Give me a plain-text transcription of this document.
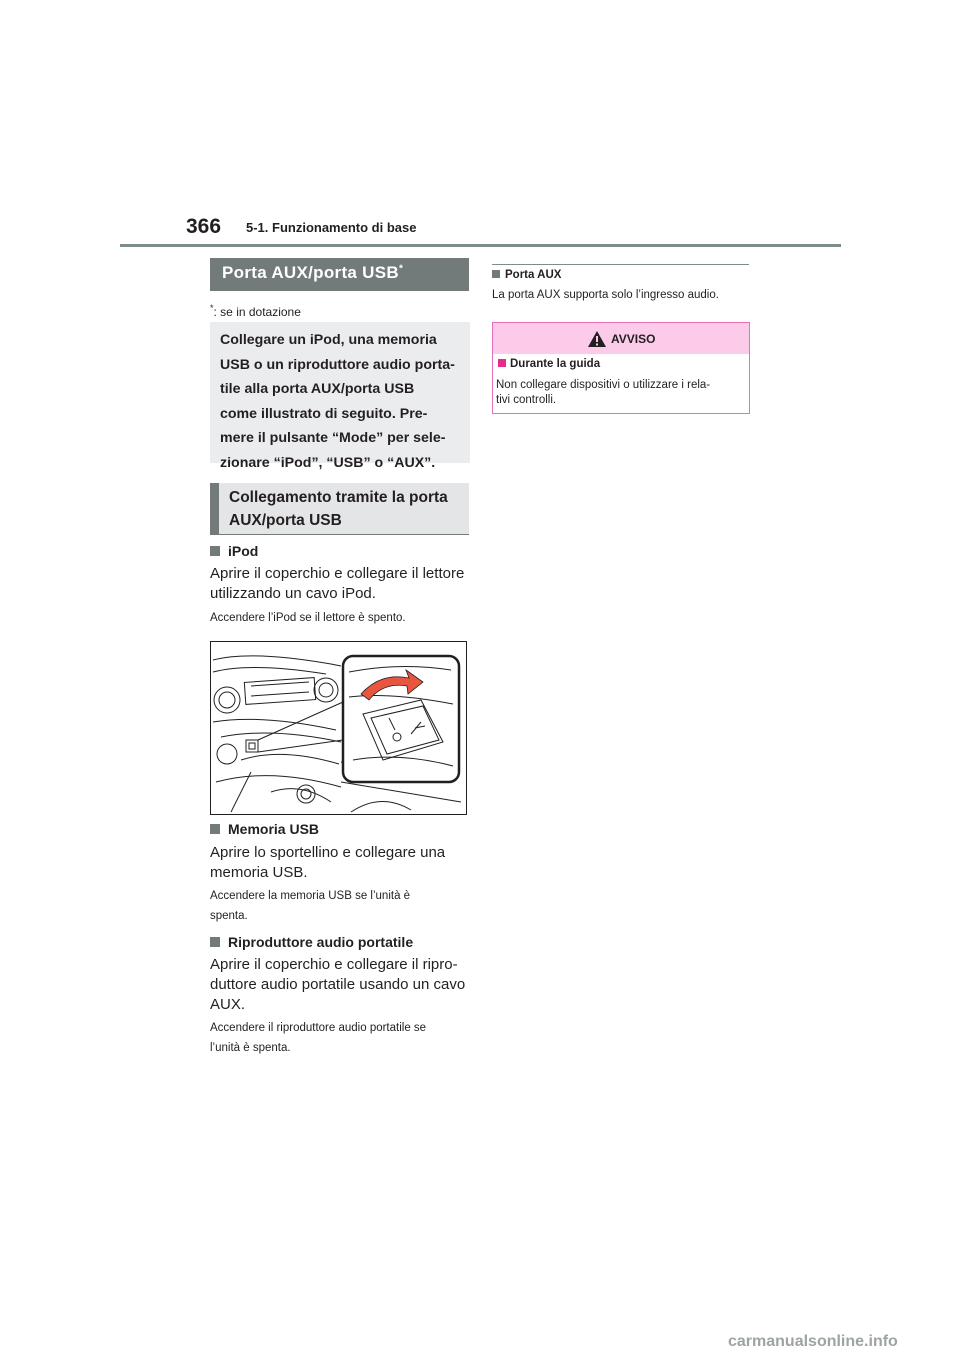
366 5-1. Funzionamento di base
Porta AUX/porta USB*
*: se in dotazione
Collegare un iPod, una memoria
USB o un riproduttore audio porta-
tile alla porta AUX/porta USB
come illustrato di seguito. Pre-
mere il pulsante “Mode” per sele-
zionare “iPod”, “USB” o “AUX”.
Collegamento tramite la porta
AUX/porta USB
iPod
Aprire il coperchio e collegare il lettore
utilizzando un cavo iPod.
Accendere l’iPod se il lettore è spento.
Memoria USB
Aprire lo sportellino e collegare una
memoria USB.
Accendere la memoria USB se l’unità è
spenta.
Riproduttore audio portatile
Aprire il coperchio e collegare il ripro-
duttore audio portatile usando un cavo
AUX.
Accendere il riproduttore audio portatile se
l’unità è spenta.
Porta AUX
La porta AUX supporta solo l’ingresso audio.
AVVISO
Durante la guida
Non collegare dispositivi o utilizzare i rela-
tivi controlli.
carmanualsonline.info
